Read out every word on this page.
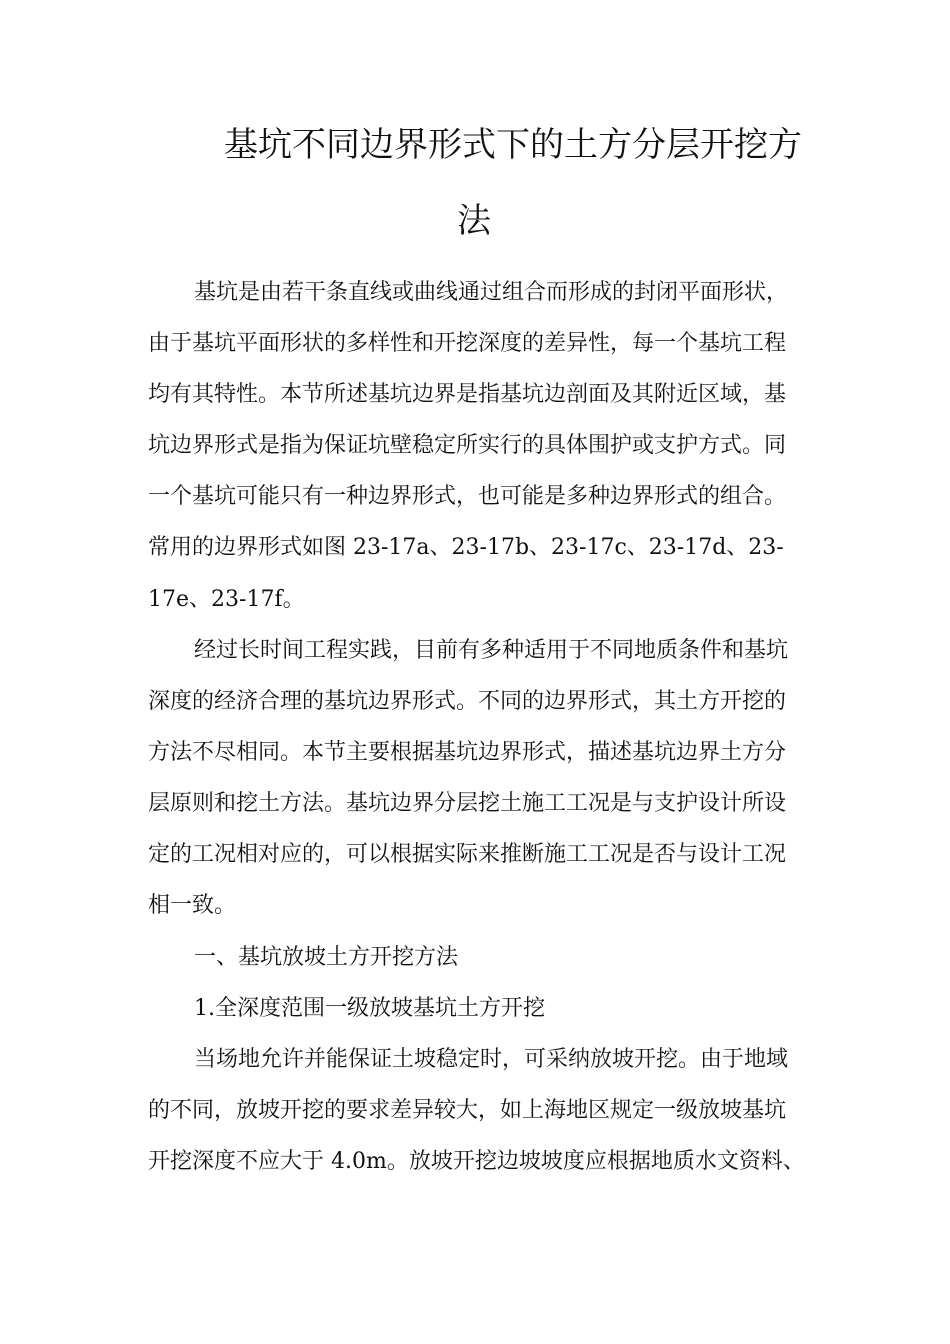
基坑不同边界形式下的土方分层开挖方
法

基坑是由若干条直线或曲线通过组合而形成的封闭平面形状，

由于基坑平面形状的多样性和开挖深度的差异性，每一个基坑工程

均有其特性。本节所述基坑边界是指基坑边剖面及其附近区域，基

坑边界形式是指为保证坑壁稳定所实行的具体围护或支护方式。同

一个基坑可能只有一种边界形式，也可能是多种边界形式的组合。

常用的边界形式如图 23-17a、23-17b、23-17c、23-17d、23-

17e、23-17f。

经过长时间工程实践，目前有多种适用于不同地质条件和基坑

深度的经济合理的基坑边界形式。不同的边界形式，其土方开挖的

方法不尽相同。本节主要根据基坑边界形式，描述基坑边界土方分

层原则和挖土方法。基坑边界分层挖土施工工况是与支护设计所设

定的工况相对应的，可以根据实际来推断施工工况是否与设计工况

相一致。

一、基坑放坡土方开挖方法

1.全深度范围一级放坡基坑土方开挖

当场地允许并能保证土坡稳定时，可采纳放坡开挖。由于地域

的不同，放坡开挖的要求差异较大，如上海地区规定一级放坡基坑

开挖深度不应大于 4.0m。放坡开挖边坡坡度应根据地质水文资料、
